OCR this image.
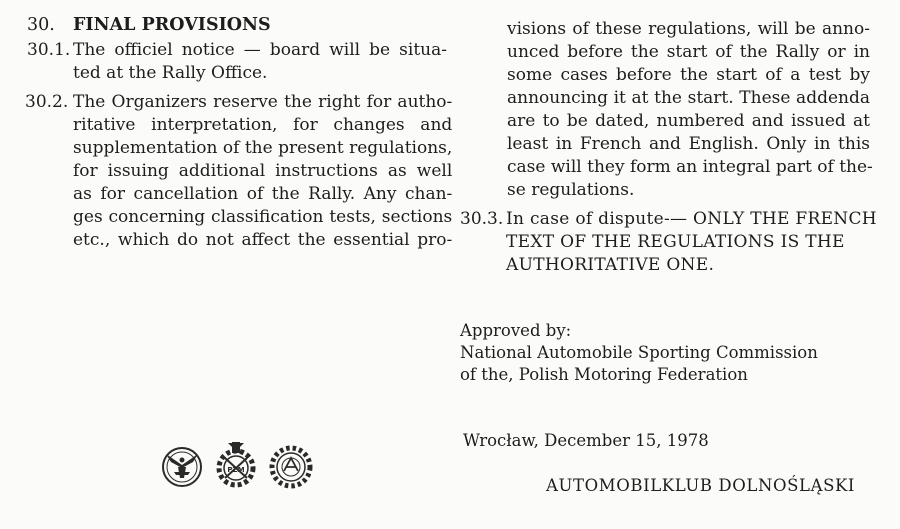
30.	FINAL PROVISIONS
30.1. The officiel notice — board will be situa-
ted at the Rally Office.
30.2. The Organizers reserve the right for autho-
ritative interpretation, for changes and
supplementation of the present regulations,
for issuing additional instructions as well
as for cancellation of the Rally. Any chan-
ges concerning classification tests, sections
etc., which do not affect the essential pro-
visions of these regulations, will be anno-
unced before the start of the Rally or in
some cases before the start of a test by
announcing it at the start. These addenda
are to be dated, numbered and issued at
least in French and English. Only in this
case will they form an integral part of the-
se regulations.
30.3. In case of dispute-— ONLY THE FRENCH
TEXT OF THE REGULATIONS IS THE
AUTHORITATIVE ONE.
Approved by:
National Automobile Sporting Commission
of the, Polish Motoring Federation
Wrocław, December 15, 1978
AUTOMOBILKLUB DOLNOŚLĄSKI
PZM
